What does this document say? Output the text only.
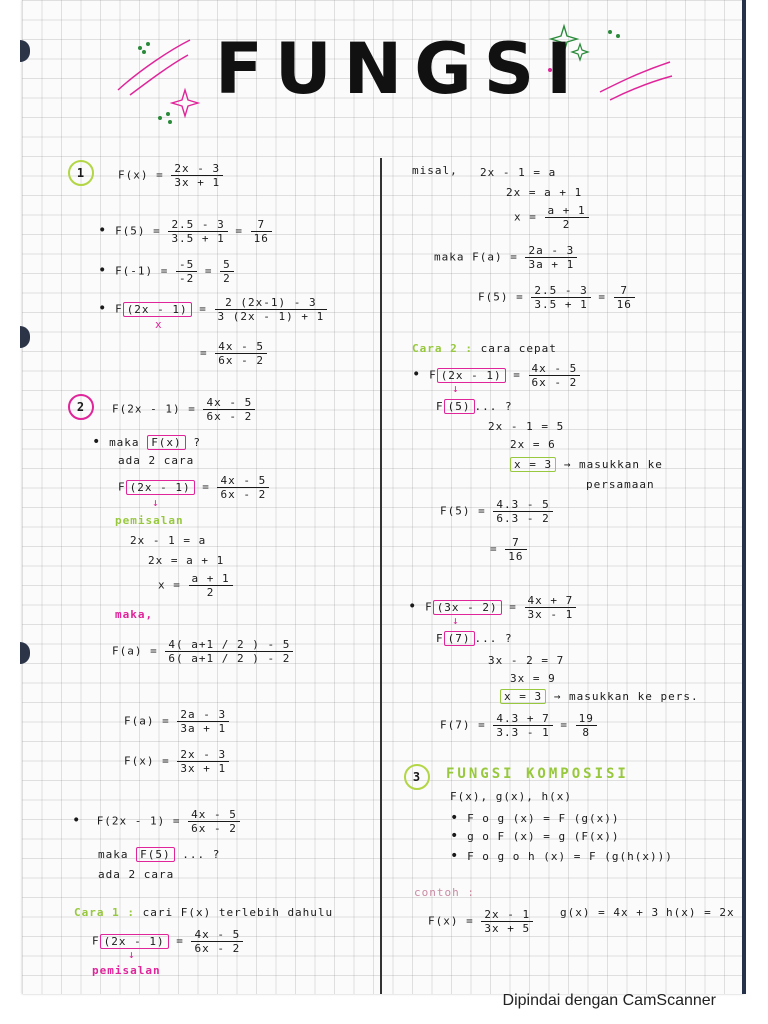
FUNGSI
1	$F(x) = \frac{2x - 3}{3x + 1}$
• $F(5) = \frac{2.5 - 3}{3.5 + 1} = \frac{7}{16}$
• $F(-1) = \frac{-5}{-2} = \frac{5}{2}$
• F $(2x - 1) = \frac{2 (2x-1) - 3}{3 (2x - 1) + 1}$
x
= $\frac{4x - 5}{6x - 2}$
2	$F(2x - 1) = \frac{4x - 5}{6x - 2}$
• maka F(x) ?
ada 2 cara
F $(2x - 1) = \frac{4x - 5}{6x - 2}$
↓
pemisalan
2x - 1 = a
2x = a + 1
$x = \frac{a + 1}{2}$
maka,
$F(a) = \frac{4( a+1 / 2 ) - 5}{6( a+1 / 2 ) - 2}$
$F(a) = \frac{2a - 3}{3a + 1}$
$F(x) = \frac{2x - 3}{3x + 1}$
• $F(2x - 1) = \frac{4x - 5}{6x - 2}$
maka F(5) ... ?
ada 2 cara
Cara 1 : cari F(x) terlebih dahulu
F $(2x - 1) = \frac{4x - 5}{6x - 2}$
↓
pemisalan
misal, 2x - 1 = a
2x = a + 1
$x = \frac{a + 1}{2}$
maka $F(a) = \frac{2a - 3}{3a + 1}$
$F(5) = \frac{2.5 - 3}{3.5 + 1} = \frac{7}{16}$
Cara 2 : cara cepat
• F $(2x - 1) = \frac{4x - 5}{6x - 2}$
↓
F (5) ... ?
2x - 1 = 5
2x = 6
x = 3 → masukkan ke
persamaan
$F(5) = \frac{4.3 - 5}{6.3 - 2}$
= $\frac{7}{16}$
• F $(3x - 2) = \frac{4x + 7}{3x - 1}$
↓
F (7) ... ?
3x - 2 = 7
3x = 9
x = 3 → masukkan ke pers.
$F(7) = \frac{4.3 + 7}{3.3 - 1} = \frac{19}{8}$
3	FUNGSI KOMPOSISI
F(x), g(x), h(x)
• F o g (x) = F (g(x))
• g o F (x) = g (F(x))
• F o g o h (x) = F (g(h(x)))
contoh :
$F(x) = \frac{2x - 1}{3x + 5} g(x) = 4x + 3$ h(x) = 2x
Dipindai dengan CamScanner
